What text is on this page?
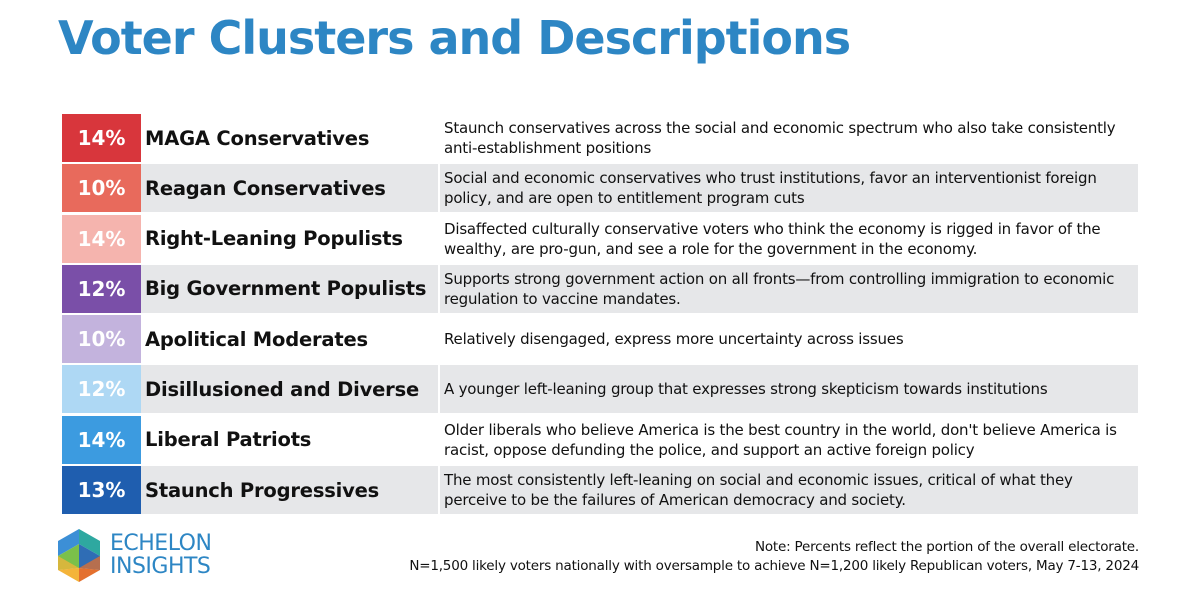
Voter Clusters and Descriptions
14%	MAGA Conservatives	Staunch conservatives across the social and economic spectrum who also take consistently anti-establishment positions
10%	Reagan Conservatives	Social and economic conservatives who trust institutions, favor an interventionist foreign policy, and are open to entitlement program cuts
14%	Right-Leaning Populists	Disaffected culturally conservative voters who think the economy is rigged in favor of the wealthy, are pro-gun, and see a role for the government in the economy.
12%	Big Government Populists	Supports strong government action on all fronts—from controlling immigration to economic regulation to vaccine mandates.
10%	Apolitical Moderates	Relatively disengaged, express more uncertainty across issues
12%	Disillusioned and Diverse	A younger left-leaning group that expresses strong skepticism towards institutions
14%	Liberal Patriots	Older liberals who believe America is the best country in the world, don't believe America is racist, oppose defunding the police, and support an active foreign policy
13%	Staunch Progressives	The most consistently left-leaning on social and economic issues, critical of what they perceive to be the failures of American democracy and society.
ECHELON
INSIGHTS
Note: Percents reflect the portion of the overall electorate.
N=1,500 likely voters nationally with oversample to achieve N=1,200 likely Republican voters, May 7-13, 2024
